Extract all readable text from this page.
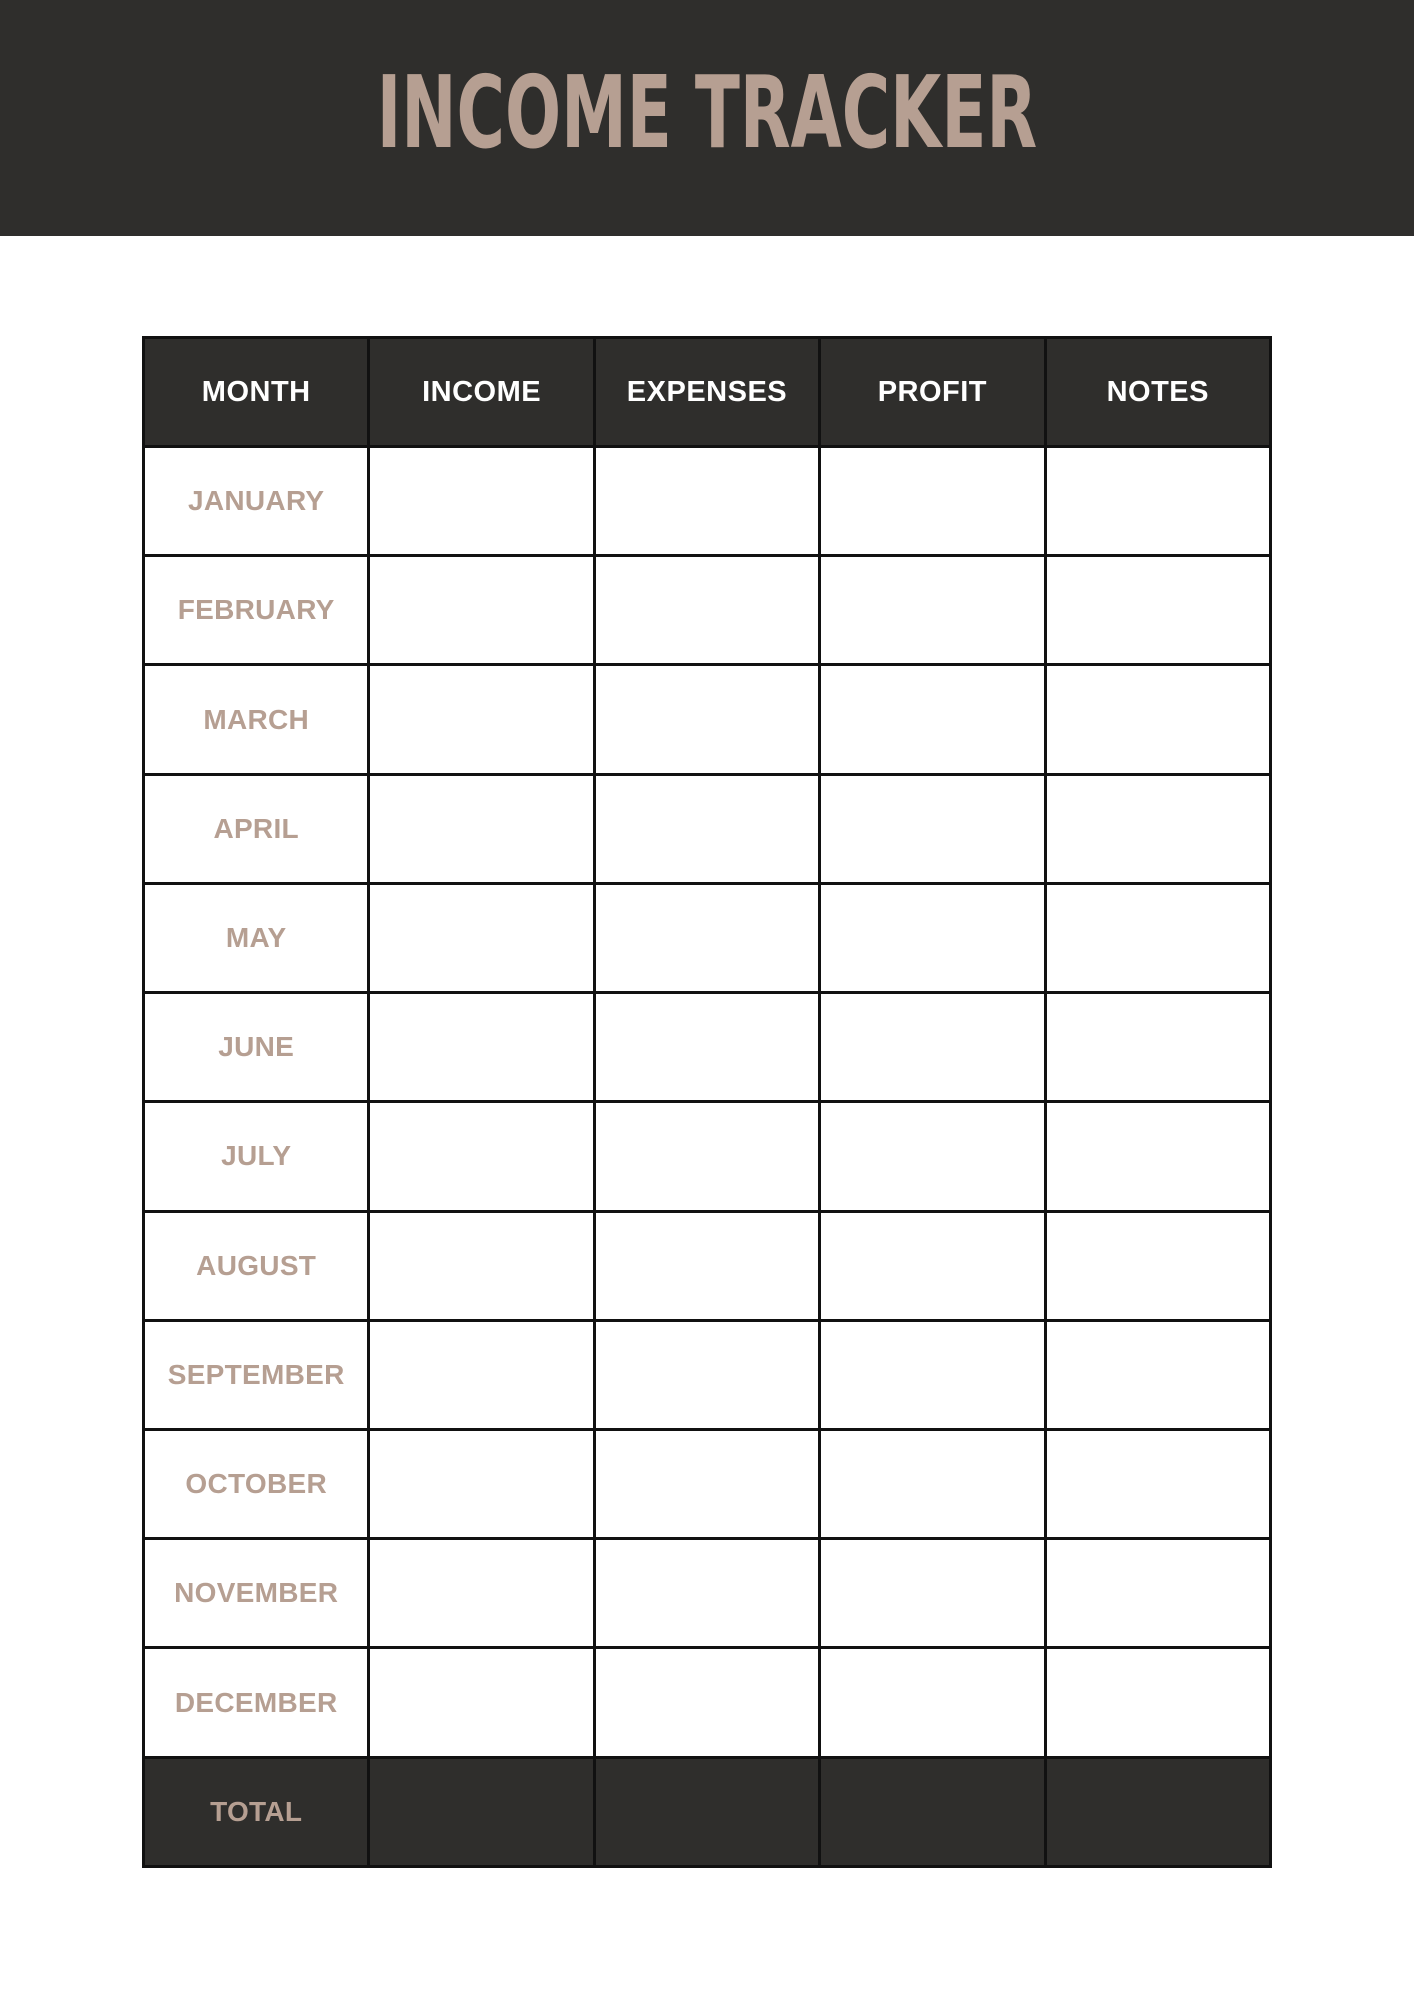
INCOME TRACKER
MONTH	INCOME	EXPENSES	PROFIT	NOTES
JANUARY				
FEBRUARY				
MARCH				
APRIL				
MAY				
JUNE				
JULY				
AUGUST				
SEPTEMBER				
OCTOBER				
NOVEMBER				
DECEMBER				
TOTAL				
